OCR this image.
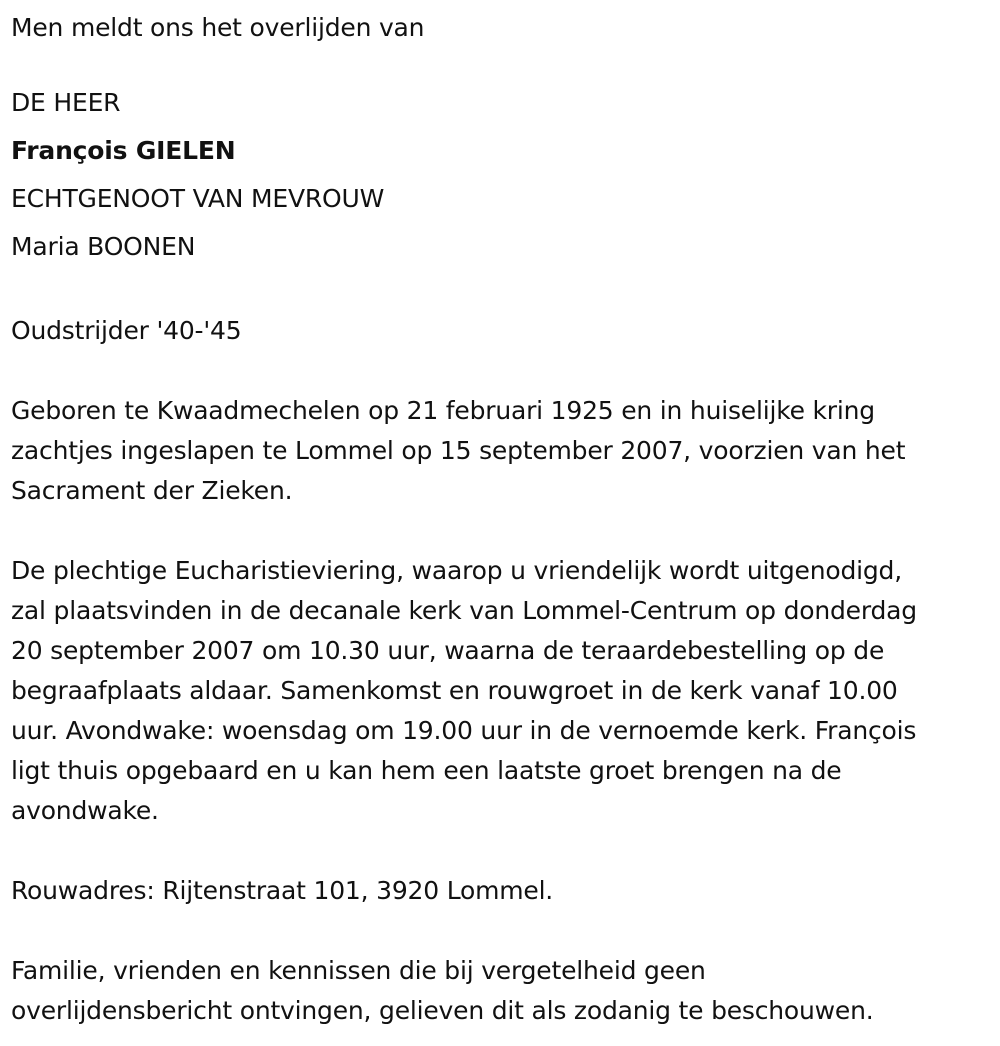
Men meldt ons het overlijden van

DE HEER

François GIELEN

ECHTGENOOT VAN MEVROUW

Maria BOONEN

Oudstrijder '40-'45

Geboren te Kwaadmechelen op 21 februari 1925 en in huiselijke kring

zachtjes ingeslapen te Lommel op 15 september 2007, voorzien van het

Sacrament der Zieken.

De plechtige Eucharistieviering, waarop u vriendelijk wordt uitgenodigd,

zal plaatsvinden in de decanale kerk van Lommel-Centrum op donderdag

20 september 2007 om 10.30 uur, waarna de teraardebestelling op de

begraafplaats aldaar. Samenkomst en rouwgroet in de kerk vanaf 10.00

uur. Avondwake: woensdag om 19.00 uur in de vernoemde kerk. François

ligt thuis opgebaard en u kan hem een laatste groet brengen na de

avondwake.

Rouwadres: Rijtenstraat 101, 3920 Lommel.

Familie, vrienden en kennissen die bij vergetelheid geen

overlijdensbericht ontvingen, gelieven dit als zodanig te beschouwen.
